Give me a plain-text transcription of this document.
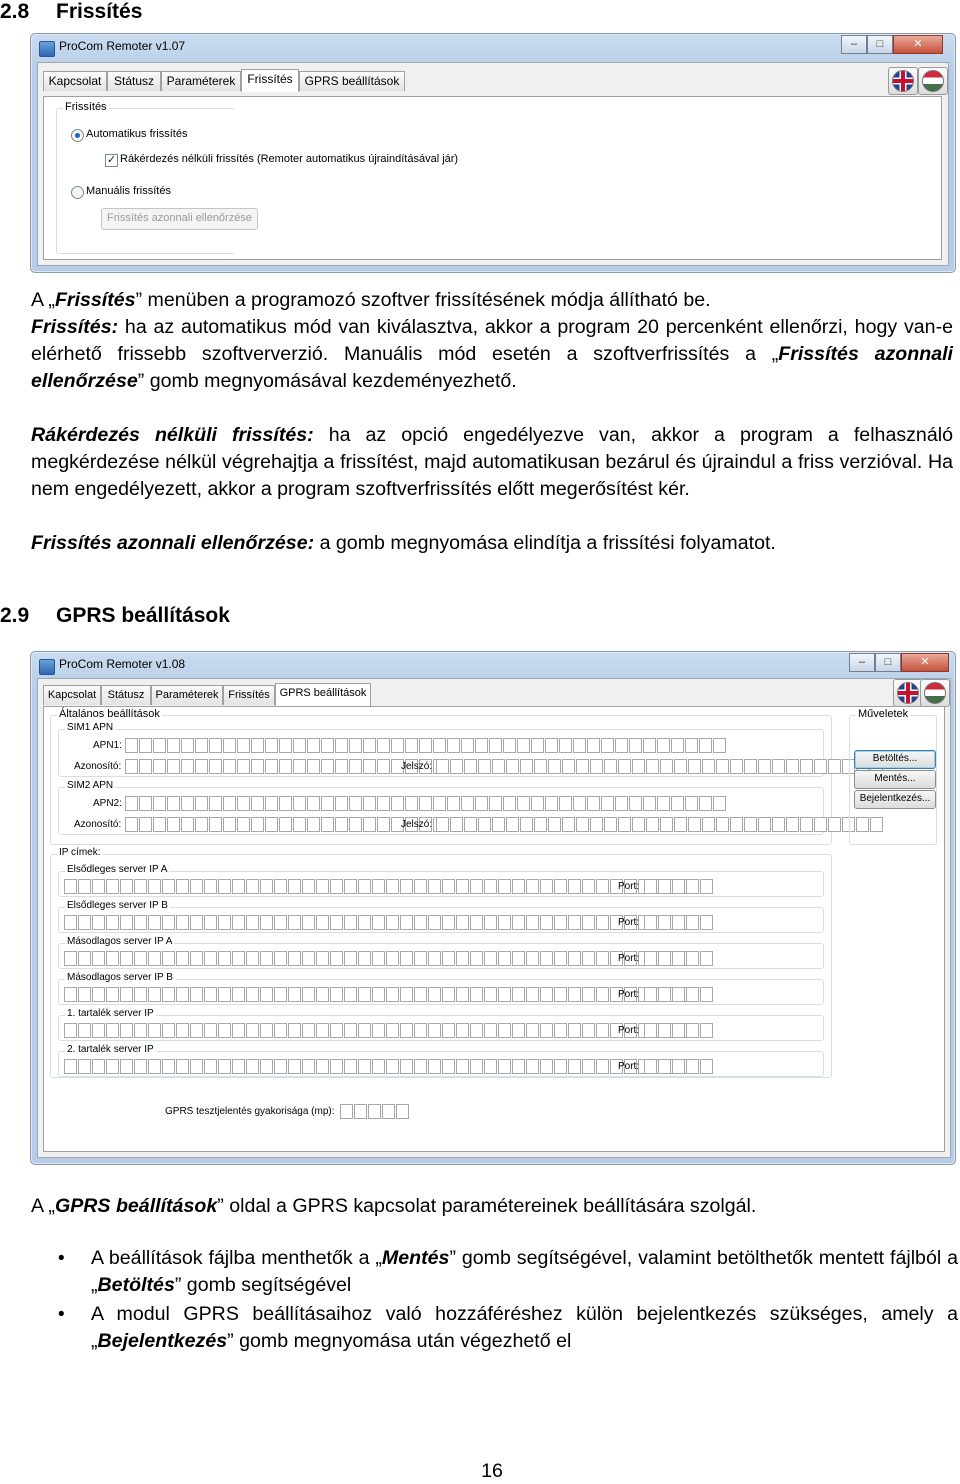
2.8 Frissítés
ProCom Remoter v1.07	–	□	✕
Kapcsolat	Státusz	Paraméterek Frissítés GPRS beállítások
Frissítés
Automatikus frissítés
✓ Rákérdezés nélküli frissítés (Remoter automatikus újraindításával jár)
Manuális frissítés
Frissítés azonnali ellenőrzése

A „Frissítés” menüben a programozó szoftver frissítésének módja állítható be.

Frissítés: ha az automatikus mód van kiválasztva, akkor a program 20 percenként ellenőrzi, hogy van-e elérhető frissebb szoftververzió. Manuális mód esetén a szoftverfrissítés a „Frissítés azonnali ellenőrzése” gomb megnyomásával kezdeményezhető.

Rákérdezés nélküli frissítés: ha az opció engedélyezve van, akkor a program a felhasználó megkérdezése nélkül végrehajtja a frissítést, majd automatikusan bezárul és újraindul a friss verzióval. Ha nem engedélyezett, akkor a program szoftverfrissítés előtt megerősítést kér.

Frissítés azonnali ellenőrzése: a gomb megnyomása elindítja a frissítési folyamatot.

2.9 GPRS beállítások
ProCom Remoter v1.08	–	□	✕
Kapcsolat	Státusz	Paraméterek Frissítés GPRS beállítások
Általános beállítások
SIM1 APN
APN1:
Azonosító:	Jelszó:
SIM2 APN
APN2:
Azonosító:	Jelszó:
Műveletek
Betöltés...
Mentés...
Bejelentkezés...
IP címek:
Elsődleges server IP A
Port:
Elsődleges server IP B
Port:
Másodlagos server IP A
Port:
Másodlagos server IP B
Port:
1. tartalék server IP
Port:
2. tartalék server IP
Port:
GPRS tesztjelentés gyakorisága (mp):

A „GPRS beállítások” oldal a GPRS kapcsolat paramétereinek beállítására szolgál.

• A beállítások fájlba menthetők a „Mentés” gomb segítségével, valamint betölthetők mentett fájlból a „Betöltés” gomb segítségével
• A modul GPRS beállításaihoz való hozzáféréshez külön bejelentkezés szükséges, amely a „Bejelentkezés” gomb megnyomása után végezhető el
16
